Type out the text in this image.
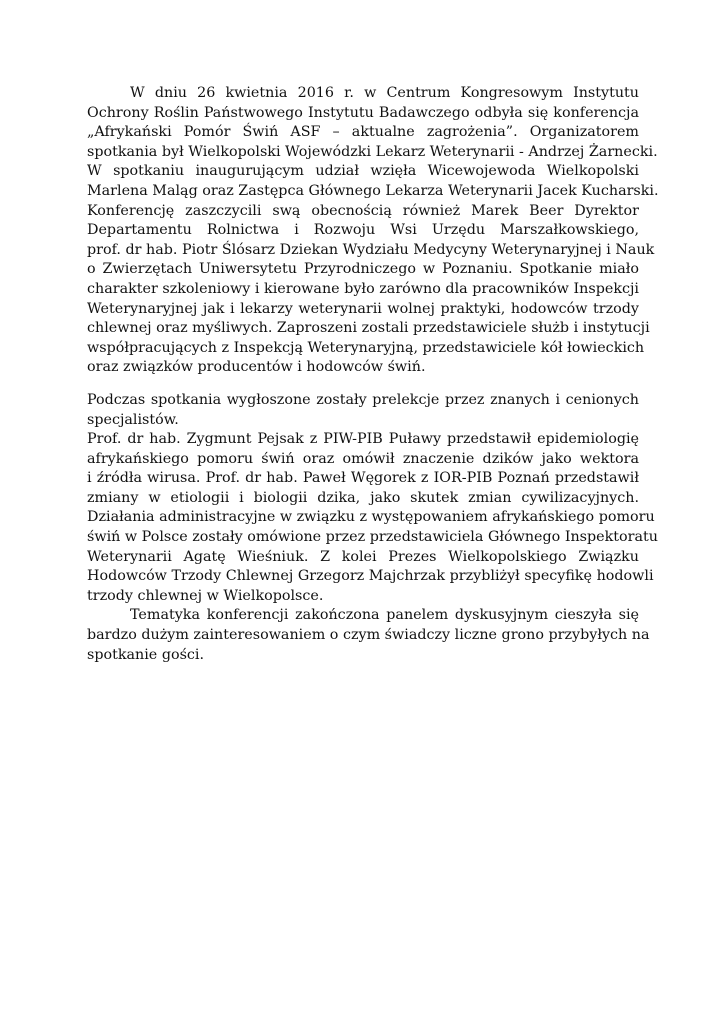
W dniu 26 kwietnia 2016 r. w Centrum Kongresowym Instytutu
Ochrony Roślin Państwowego Instytutu Badawczego odbyła się konferencja
„Afrykański Pomór Świń ASF – aktualne zagrożenia”. Organizatorem
spotkania był Wielkopolski Wojewódzki Lekarz Weterynarii - Andrzej Żarnecki.
W spotkaniu inaugurującym udział wzięła Wicewojewoda Wielkopolski
Marlena Maląg oraz Zastępca Głównego Lekarza Weterynarii Jacek Kucharski.
Konferencję zaszczycili swą obecnością również Marek Beer Dyrektor
Departamentu Rolnictwa i Rozwoju Wsi Urzędu Marszałkowskiego,
prof. dr hab. Piotr Ślósarz Dziekan Wydziału Medycyny Weterynaryjnej i Nauk
o Zwierzętach Uniwersytetu Przyrodniczego w Poznaniu. Spotkanie miało
charakter szkoleniowy i kierowane było zarówno dla pracowników Inspekcji
Weterynaryjnej jak i lekarzy weterynarii wolnej praktyki, hodowców trzody
chlewnej oraz myśliwych. Zaproszeni zostali przedstawiciele służb i instytucji
współpracujących z Inspekcją Weterynaryjną, przedstawiciele kół łowieckich
oraz związków producentów i hodowców świń.

Podczas spotkania wygłoszone zostały prelekcje przez znanych i cenionych
specjalistów.
Prof. dr hab. Zygmunt Pejsak z PIW-PIB Puławy przedstawił epidemiologię
afrykańskiego pomoru świń oraz omówił znaczenie dzików jako wektora
i źródła wirusa. Prof. dr hab. Paweł Węgorek z IOR-PIB Poznań przedstawił
zmiany w etiologii i biologii dzika, jako skutek zmian cywilizacyjnych.
Działania administracyjne w związku z występowaniem afrykańskiego pomoru
świń w Polsce zostały omówione przez przedstawiciela Głównego Inspektoratu
Weterynarii Agatę Wieśniuk. Z kolei Prezes Wielkopolskiego Związku
Hodowców Trzody Chlewnej Grzegorz Majchrzak przybliżył specyfikę hodowli
trzody chlewnej w Wielkopolsce.

Tematyka konferencji zakończona panelem dyskusyjnym cieszyła się
bardzo dużym zainteresowaniem o czym świadczy liczne grono przybyłych na
spotkanie gości.
